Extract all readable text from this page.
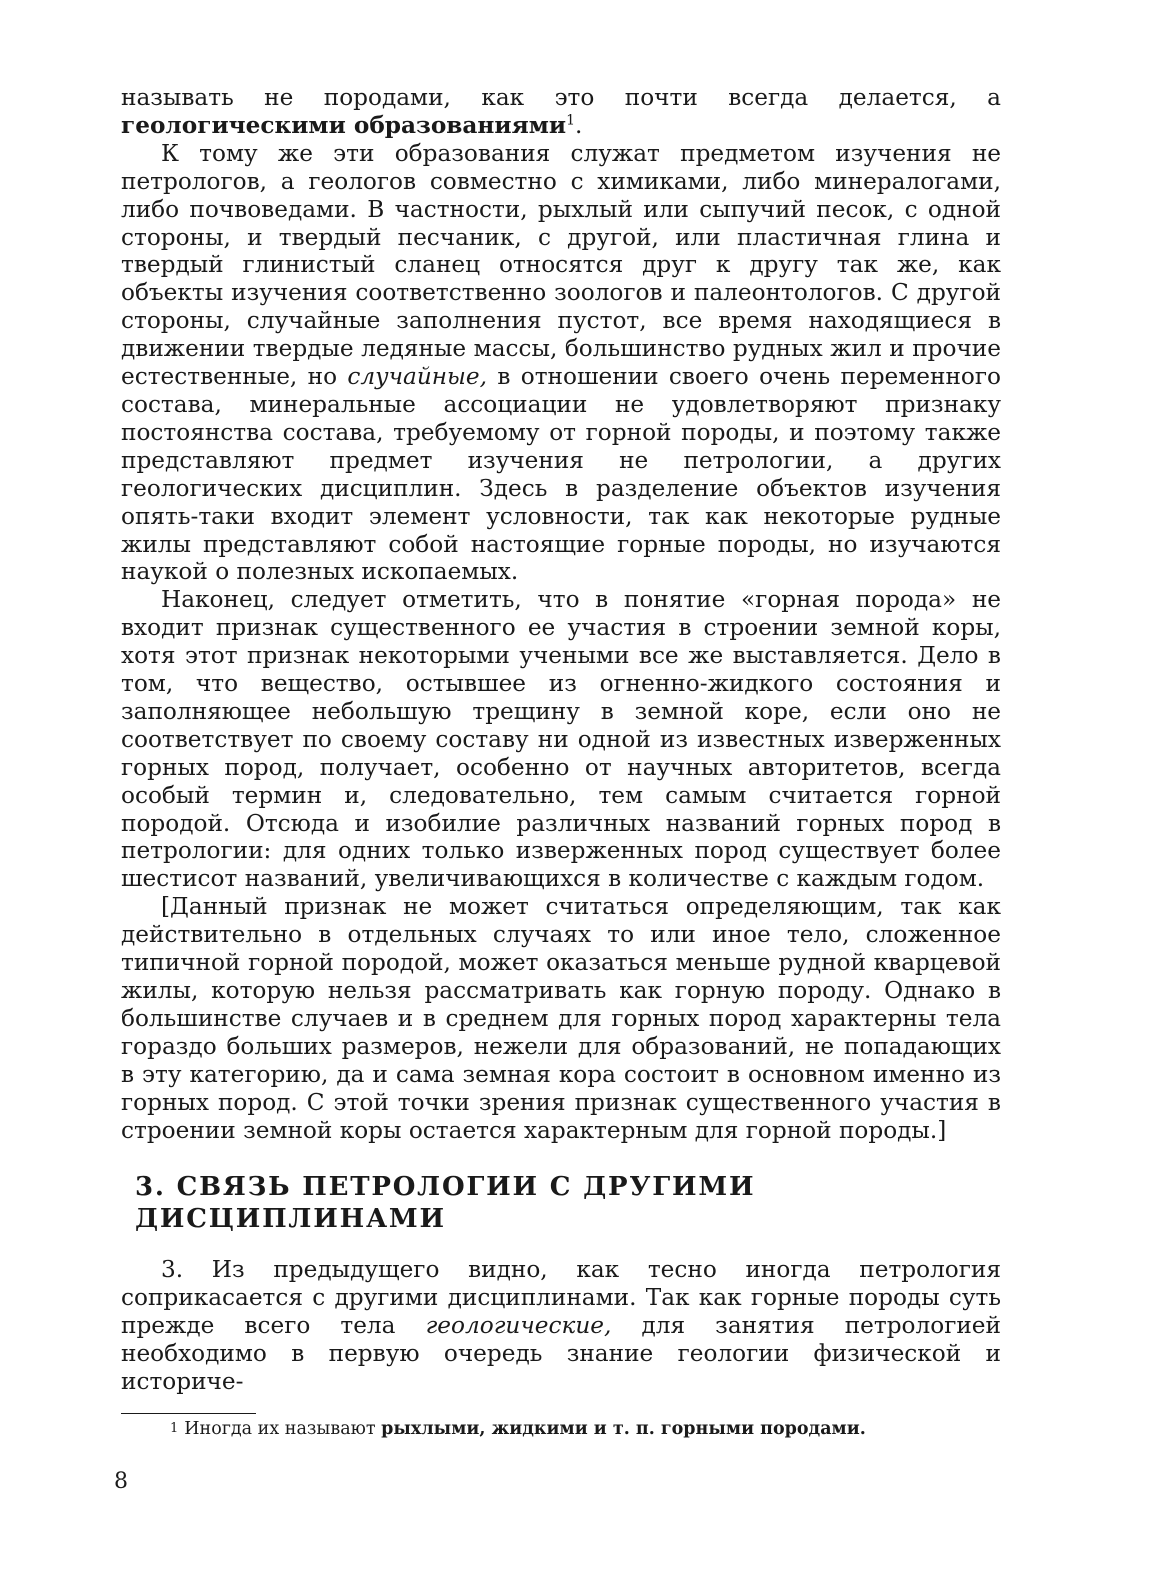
называть не породами, как это почти всегда делается, а геологическими образованиями$^1$.

К тому же эти образования служат предметом изучения не петрологов, а геологов совместно с химиками, либо минералогами, либо почвоведами. В частности, рыхлый или сыпучий песок, с одной стороны, и твердый песчаник, с другой, или пластичная глина и твердый глинистый сланец относятся друг к другу так же, как объекты изучения соответственно зоологов и палеонтологов. С другой стороны, случайные заполнения пустот, все время находящиеся в движении твердые ледяные массы, большинство рудных жил и прочие естественные, но случайные, в отношении своего очень переменного состава, минеральные ассоциации не удовлетворяют признаку постоянства состава, требуемому от горной породы, и поэтому также представляют предмет изучения не петрологии, а других геологических дисциплин. Здесь в разделение объектов изучения опять-таки входит элемент условности, так как некоторые рудные жилы представляют собой настоящие горные породы, но изучаются наукой о полезных ископаемых.

Наконец, следует отметить, что в понятие «горная порода» не входит признак существенного ее участия в строении земной коры, хотя этот признак некоторыми учеными все же выставляется. Дело в том, что вещество, остывшее из огненно-жидкого состояния и заполняющее небольшую трещину в земной коре, если оно не соответствует по своему составу ни одной из известных изверженных горных пород, получает, особенно от научных авторитетов, всегда особый термин и, следовательно, тем самым считается горной породой. Отсюда и изобилие различных названий горных пород в петрологии: для одних только изверженных пород существует более шестисот названий, увеличивающихся в количестве с каждым годом.

[Данный признак не может считаться определяющим, так как действительно в отдельных случаях то или иное тело, сложенное типичной горной породой, может оказаться меньше рудной кварцевой жилы, которую нельзя рассматривать как горную породу. Однако в большинстве случаев и в среднем для горных пород характерны тела гораздо больших размеров, нежели для образований, не попадающих в эту категорию, да и сама земная кора состоит в основном именно из горных пород. С этой точки зрения признак существенного участия в строении земной коры остается характерным для горной породы.]

3. СВЯЗЬ ПЕТРОЛОГИИ С ДРУГИМИ ДИСЦИПЛИНАМИ

3. Из предыдущего видно, как тесно иногда петрология соприкасается с другими дисциплинами. Так как горные породы суть прежде всего тела геологические, для занятия петрологией необходимо в первую очередь знание геологии физической и историче-

$^1$ Иногда их называют рыхлыми, жидкими и т. п. горными породами.
8
